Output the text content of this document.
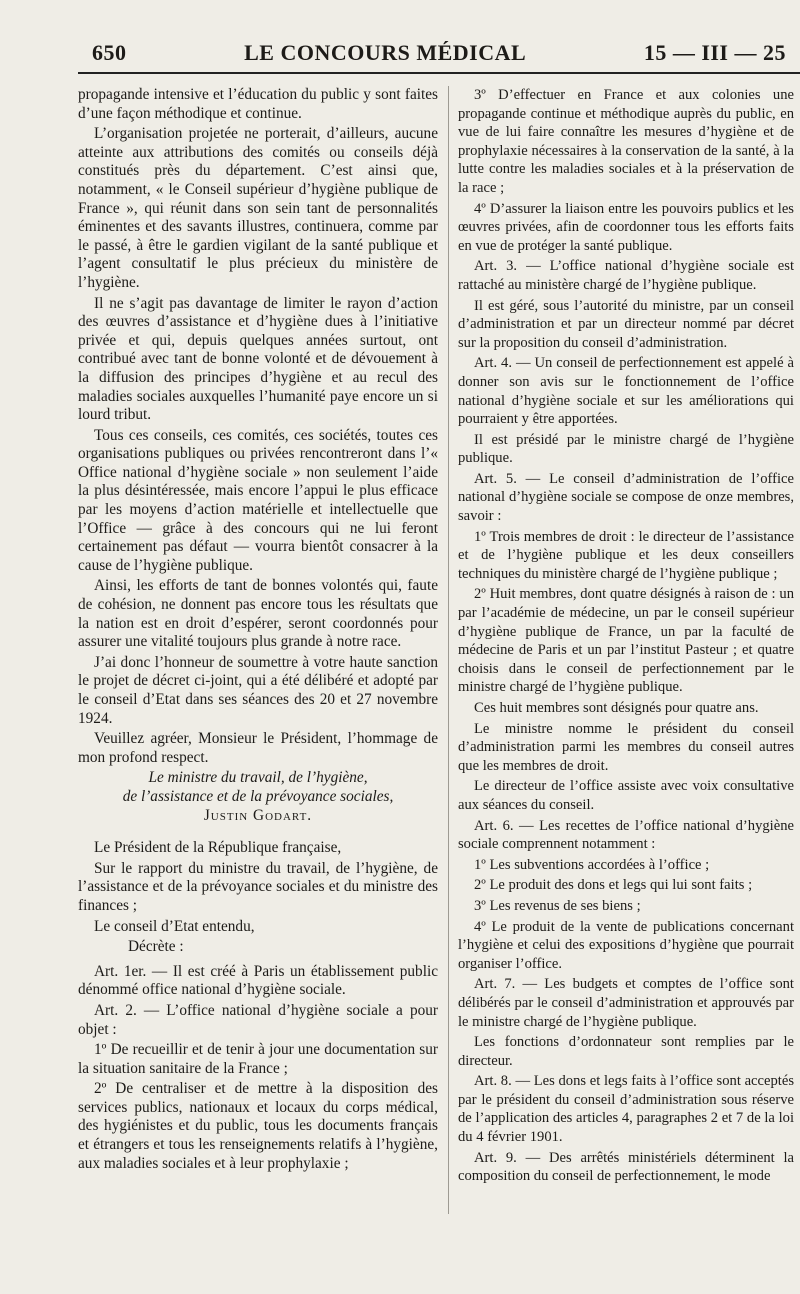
650	LE CONCOURS MÉDICAL	15 — III — 25

propagande intensive et l’éducation du public y sont faites d’une façon méthodique et continue.

L’organisation projetée ne porterait, d’ailleurs, aucune atteinte aux attributions des comités ou conseils déjà constitués près du département. C’est ainsi que, notamment, « le Conseil supérieur d’hygiène publique de France », qui réunit dans son sein tant de personnalités éminentes et des savants illustres, continuera, comme par le passé, à être le gardien vigilant de la santé publique et l’agent consultatif le plus précieux du ministère de l’hygiène.

Il ne s’agit pas davantage de limiter le rayon d’action des œuvres d’assistance et d’hygiène dues à l’initiative privée et qui, depuis quelques années surtout, ont contribué avec tant de bonne volonté et de dévouement à la diffusion des principes d’hygiène et au recul des maladies sociales auxquelles l’humanité paye encore un si lourd tribut.

Tous ces conseils, ces comités, ces sociétés, toutes ces organisations publiques ou privées rencontreront dans l’« Office national d’hygiène sociale » non seulement l’aide la plus désintéressée, mais encore l’appui le plus efficace par les moyens d’action matérielle et intellectuelle que l’Office — grâce à des concours qui ne lui feront certainement pas défaut — vourra bientôt consacrer à la cause de l’hygiène publique.

Ainsi, les efforts de tant de bonnes volontés qui, faute de cohésion, ne donnent pas encore tous les résultats que la nation est en droit d’espérer, seront coordonnés pour assurer une vitalité toujours plus grande à notre race.

J’ai donc l’honneur de soumettre à votre haute sanction le projet de décret ci-joint, qui a été délibéré et adopté par le conseil d’Etat dans ses séances des 20 et 27 novembre 1924.

Veuillez agréer, Monsieur le Président, l’hommage de mon profond respect.

Le ministre du travail, de l’hygiène,

de l’assistance et de la prévoyance sociales,

Justin Godart.

Le Président de la République française,

Sur le rapport du ministre du travail, de l’hygiène, de l’assistance et de la prévoyance sociales et du ministre des finances ;

Le conseil d’Etat entendu,

Décrète :

Art. 1er. — Il est créé à Paris un établissement public dénommé office national d’hygiène sociale.

Art. 2. — L’office national d’hygiène sociale a pour objet :

1º De recueillir et de tenir à jour une documentation sur la situation sanitaire de la France ;

2º De centraliser et de mettre à la disposition des services publics, nationaux et locaux du corps médical, des hygiénistes et du public, tous les documents français et étrangers et tous les renseignements relatifs à l’hygiène, aux maladies sociales et à leur prophylaxie ;

3º D’effectuer en France et aux colonies une propagande continue et méthodique auprès du public, en vue de lui faire connaître les mesures d’hygiène et de prophylaxie nécessaires à la conservation de la santé, à la lutte contre les maladies sociales et à la préservation de la race ;

4º D’assurer la liaison entre les pouvoirs publics et les œuvres privées, afin de coordonner tous les efforts faits en vue de protéger la santé publique.

Art. 3. — L’office national d’hygiène sociale est rattaché au ministère chargé de l’hygiène publique.

Il est géré, sous l’autorité du ministre, par un conseil d’administration et par un directeur nommé par décret sur la proposition du conseil d’administration.

Art. 4. — Un conseil de perfectionnement est appelé à donner son avis sur le fonctionnement de l’office national d’hygiène sociale et sur les améliorations qui pourraient y être apportées.

Il est présidé par le ministre chargé de l’hygiène publique.

Art. 5. — Le conseil d’administration de l’office national d’hygiène sociale se compose de onze membres, savoir :

1º Trois membres de droit : le directeur de l’assistance et de l’hygiène publique et les deux conseillers techniques du ministère chargé de l’hygiène publique ;

2º Huit membres, dont quatre désignés à raison de : un par l’académie de médecine, un par le conseil supérieur d’hygiène publique de France, un par la faculté de médecine de Paris et un par l’institut Pasteur ; et quatre choisis dans le conseil de perfectionnement par le ministre chargé de l’hygiène publique.

Ces huit membres sont désignés pour quatre ans.

Le ministre nomme le président du conseil d’administration parmi les membres du conseil autres que les membres de droit.

Le directeur de l’office assiste avec voix consultative aux séances du conseil.

Art. 6. — Les recettes de l’office national d’hygiène sociale comprennent notamment :

1º Les subventions accordées à l’office ;

2º Le produit des dons et legs qui lui sont faits ;

3º Les revenus de ses biens ;

4º Le produit de la vente de publications concernant l’hygiène et celui des expositions d’hygiène que pourrait organiser l’office.

Art. 7. — Les budgets et comptes de l’office sont délibérés par le conseil d’administration et approuvés par le ministre chargé de l’hygiène publique.

Les fonctions d’ordonnateur sont remplies par le directeur.

Art. 8. — Les dons et legs faits à l’office sont acceptés par le président du conseil d’administration sous réserve de l’application des articles 4, paragraphes 2 et 7 de la loi du 4 février 1901.

Art. 9. — Des arrêtés ministériels déterminent la composition du conseil de perfectionnement, le mode
